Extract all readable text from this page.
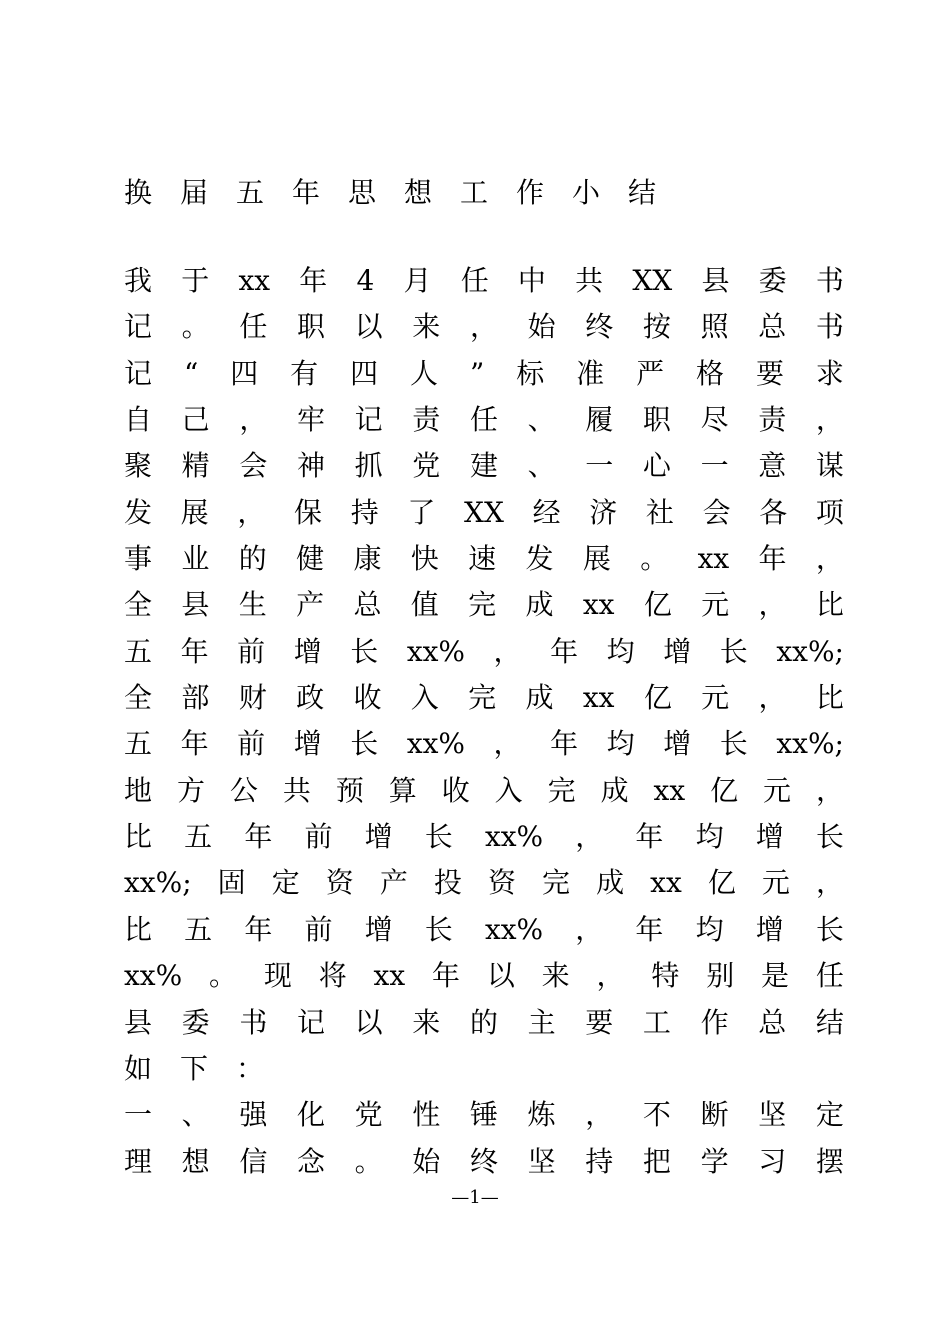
换 届 五 年 思 想 工 作 小 结
我 于 xx 年 4 月 任 中 共 XX 县 委 书
记 。 任 职 以 来 ， 始 终 按 照 总 书
记 “ 四 有 四 人 ” 标 准 严 格 要 求
自 己 ， 牢 记 责 任 、 履 职 尽 责 ，
聚 精 会 神 抓 党 建 、 一 心 一 意 谋
发 展 ， 保 持 了 XX 经 济 社 会 各 项
事 业 的 健 康 快 速 发 展 。 xx 年 ，
全 县 生 产 总 值 完 成 xx 亿 元 ， 比
五 年 前 增 长 xx% ， 年 均 增 长 xx%;
全 部 财 政 收 入 完 成 xx 亿 元 ， 比
五 年 前 增 长 xx% ， 年 均 增 长 xx%;
地 方 公 共 预 算 收 入 完 成 xx 亿 元 ，
比 五 年 前 增 长 xx% ， 年 均 增 长
xx%; 固 定 资 产 投 资 完 成 xx 亿 元 ，
比 五 年 前 增 长 xx% ， 年 均 增 长
xx% 。 现 将 xx 年 以 来 ， 特 别 是 任
县 委 书 记 以 来 的 主 要 工 作 总 结
如 下 ：
一 、 强 化 党 性 锤 炼 ， 不 断 坚 定
理 想 信 念 。 始 终 坚 持 把 学 习 摆
—1—
